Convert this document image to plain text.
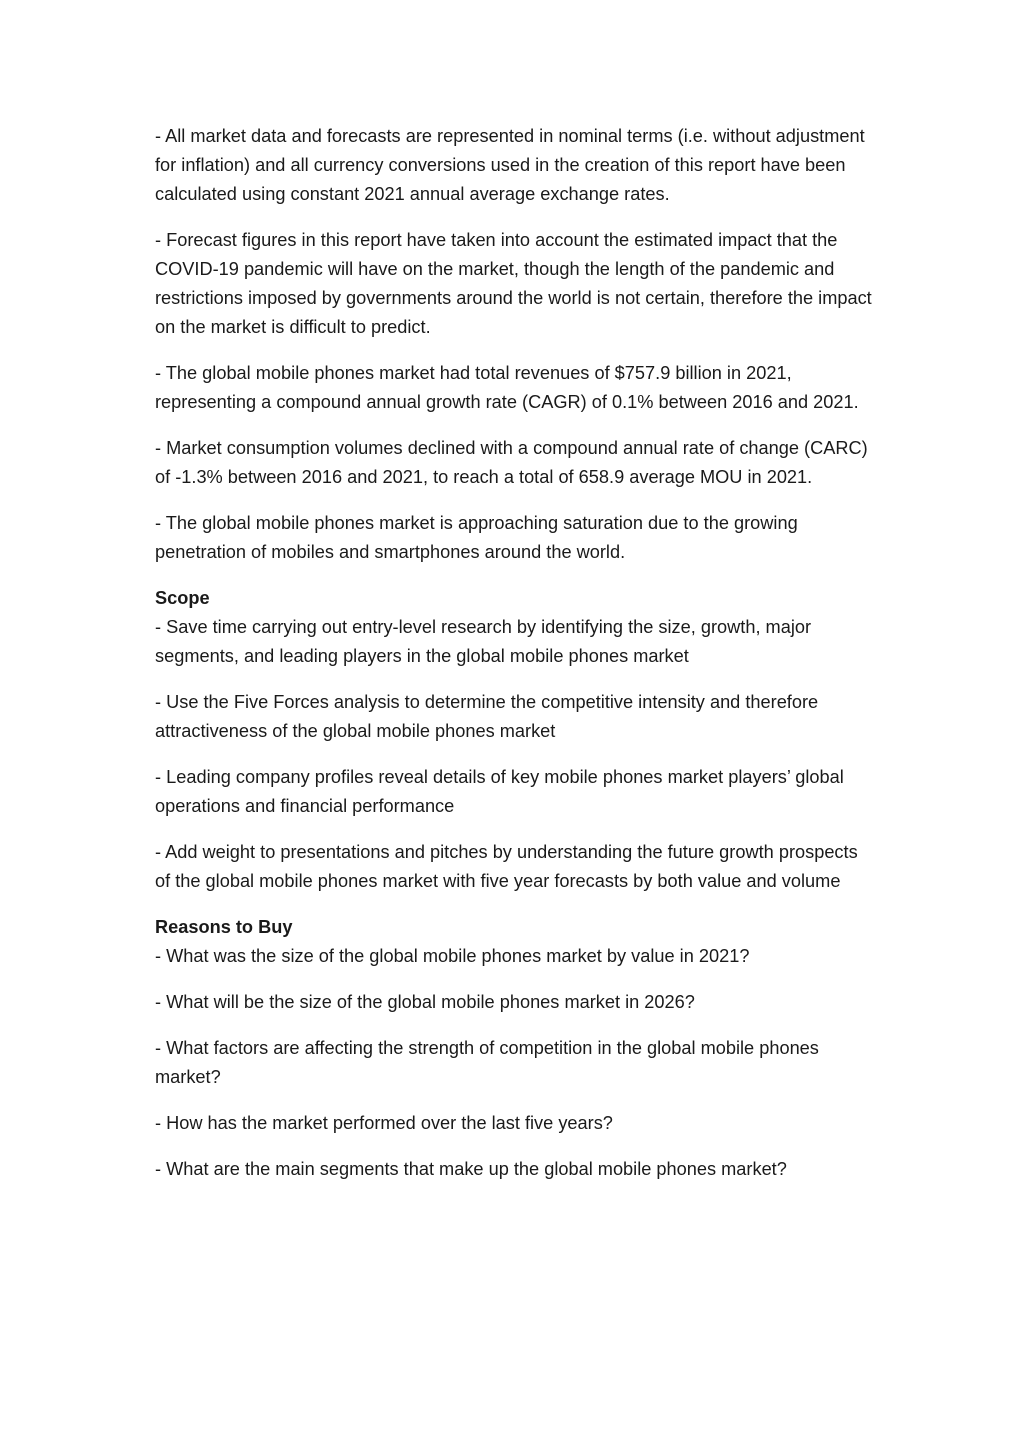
- All market data and forecasts are represented in nominal terms (i.e. without adjustment for inflation) and all currency conversions used in the creation of this report have been calculated using constant 2021 annual average exchange rates.

- Forecast figures in this report have taken into account the estimated impact that the COVID-19 pandemic will have on the market, though the length of the pandemic and restrictions imposed by governments around the world is not certain, therefore the impact on the market is difficult to predict.

- The global mobile phones market had total revenues of $757.9 billion in 2021, representing a compound annual growth rate (CAGR) of 0.1% between 2016 and 2021.

- Market consumption volumes declined with a compound annual rate of change (CARC) of -1.3% between 2016 and 2021, to reach a total of 658.9 average MOU in 2021.

- The global mobile phones market is approaching saturation due to the growing penetration of mobiles and smartphones around the world.

Scope

- Save time carrying out entry-level research by identifying the size, growth, major segments, and leading players in the global mobile phones market

- Use the Five Forces analysis to determine the competitive intensity and therefore attractiveness of the global mobile phones market

- Leading company profiles reveal details of key mobile phones market players’ global operations and financial performance

- Add weight to presentations and pitches by understanding the future growth prospects of the global mobile phones market with five year forecasts by both value and volume

Reasons to Buy

- What was the size of the global mobile phones market by value in 2021?

- What will be the size of the global mobile phones market in 2026?

- What factors are affecting the strength of competition in the global mobile phones market?

- How has the market performed over the last five years?

- What are the main segments that make up the global mobile phones market?
